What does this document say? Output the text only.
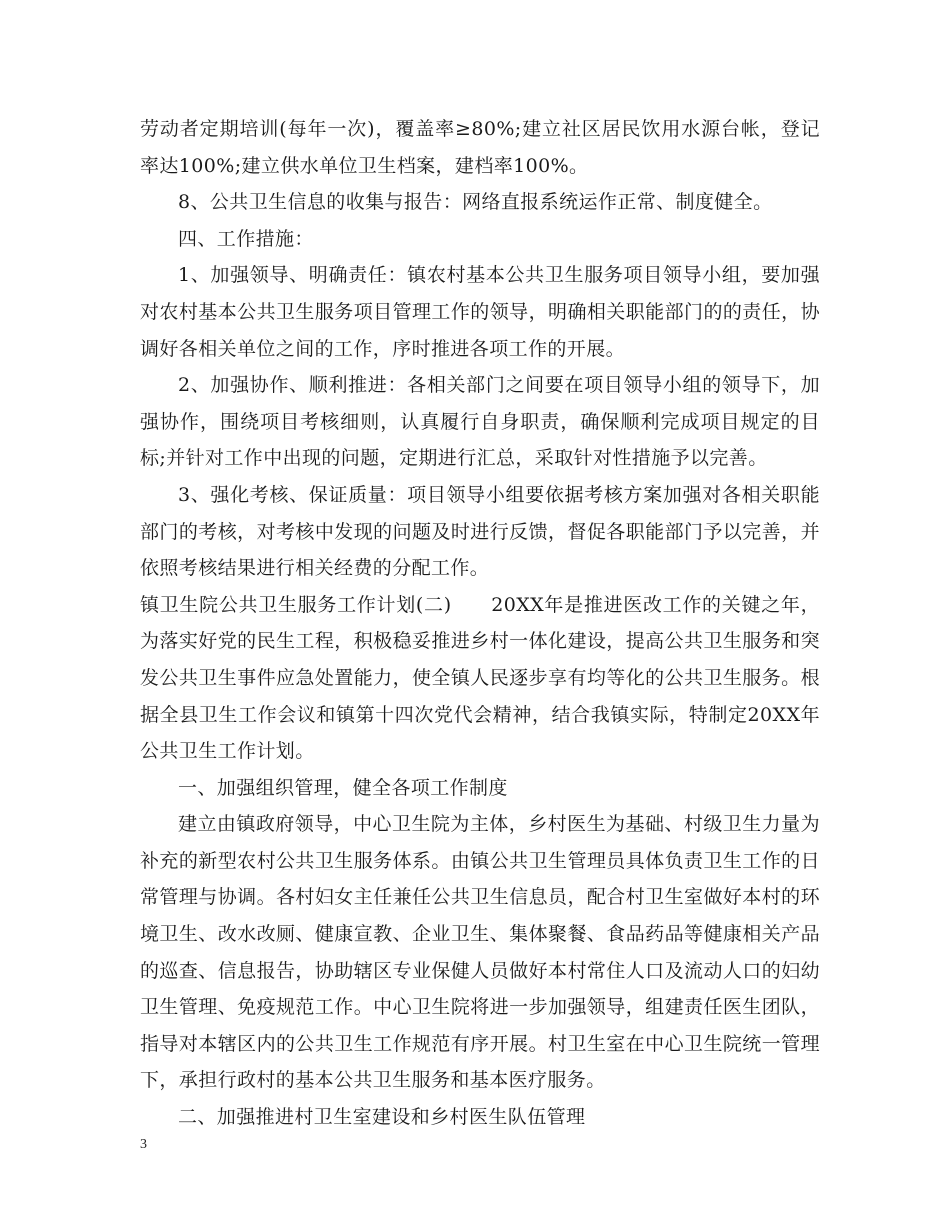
劳动者定期培训(每年一次)，覆盖率≥80%;建立社区居民饮用水源台帐，登记率达100%;建立供水单位卫生档案，建档率100%。

8、公共卫生信息的收集与报告：网络直报系统运作正常、制度健全。

四、工作措施：

1、加强领导、明确责任：镇农村基本公共卫生服务项目领导小组，要加强对农村基本公共卫生服务项目管理工作的领导，明确相关职能部门的的责任，协调好各相关单位之间的工作，序时推进各项工作的开展。

2、加强协作、顺利推进：各相关部门之间要在项目领导小组的领导下，加强协作，围绕项目考核细则，认真履行自身职责，确保顺利完成项目规定的目标;并针对工作中出现的问题，定期进行汇总，采取针对性措施予以完善。

3、强化考核、保证质量：项目领导小组要依据考核方案加强对各相关职能部门的考核，对考核中发现的问题及时进行反馈，督促各职能部门予以完善，并依照考核结果进行相关经费的分配工作。

镇卫生院公共卫生服务工作计划(二)　　20XX年是推进医改工作的关键之年，为落实好党的民生工程，积极稳妥推进乡村一体化建设，提高公共卫生服务和突发公共卫生事件应急处置能力，使全镇人民逐步享有均等化的公共卫生服务。根据全县卫生工作会议和镇第十四次党代会精神，结合我镇实际，特制定20XX年公共卫生工作计划。

一、加强组织管理，健全各项工作制度

建立由镇政府领导，中心卫生院为主体，乡村医生为基础、村级卫生力量为补充的新型农村公共卫生服务体系。由镇公共卫生管理员具体负责卫生工作的日常管理与协调。各村妇女主任兼任公共卫生信息员，配合村卫生室做好本村的环境卫生、改水改厕、健康宣教、企业卫生、集体聚餐、食品药品等健康相关产品的巡查、信息报告，协助辖区专业保健人员做好本村常住人口及流动人口的妇幼卫生管理、免疫规范工作。中心卫生院将进一步加强领导，组建责任医生团队，指导对本辖区内的公共卫生工作规范有序开展。村卫生室在中心卫生院统一管理下，承担行政村的基本公共卫生服务和基本医疗服务。

二、加强推进村卫生室建设和乡村医生队伍管理

3
